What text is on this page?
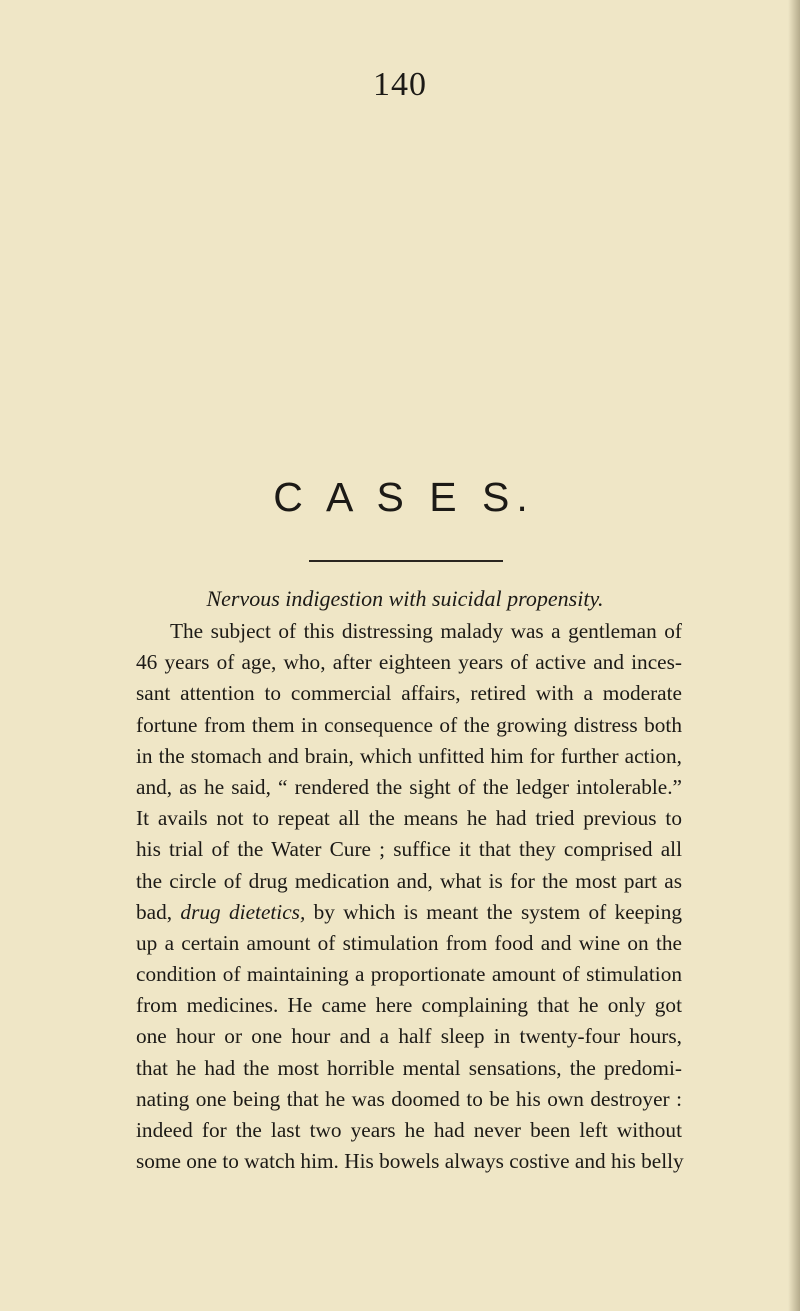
140
C A S E S.
Nervous indigestion with suicidal propensity.
The subject of this distressing malady was a gentleman of
46 years of age, who, after eighteen years of active and inces-
sant attention to commercial affairs, retired with a moderate
fortune from them in consequence of the growing distress both
in the stomach and brain, which unfitted him for further action,
and, as he said, “ rendered the sight of the ledger intolerable.”
It avails not to repeat all the means he had tried previous to
his trial of the Water Cure ; suffice it that they comprised all
the circle of drug medication and, what is for the most part as
bad, drug dietetics, by which is meant the system of keeping
up a certain amount of stimulation from food and wine on the
condition of maintaining a proportionate amount of stimulation
from medicines. He came here complaining that he only got
one hour or one hour and a half sleep in twenty-four hours,
that he had the most horrible mental sensations, the predomi-
nating one being that he was doomed to be his own destroyer :
indeed for the last two years he had never been left without
some one to watch him. His bowels always costive and his belly
